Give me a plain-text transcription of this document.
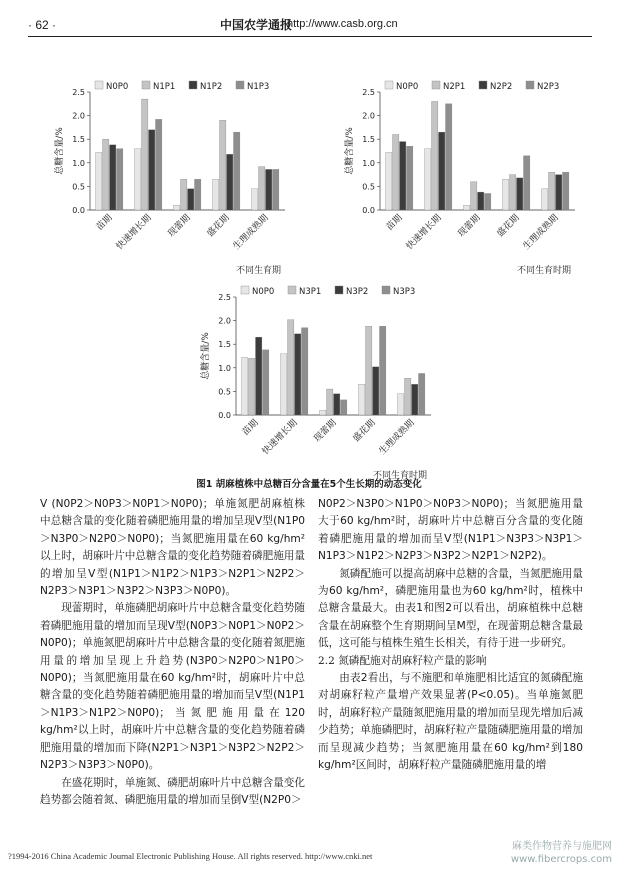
· 62 ·	中国农学通报
http://www.casb.org.cn
N0P0	N1P1	N1P2	N1P3
0.0
0.5
1.0
1.5
2.0
2.5
总糖含量/%
苗期 快速增长期 现蕾期 盛花期 生理成熟期
不同生育期
N0P0	N2P1	N2P2	N2P3
0.0
0.5
1.0
1.5
2.0
2.5
总糖含量/%
苗期 快速增长期 现蕾期 盛花期 生理成熟期
不同生育时期
N0P0	N3P1	N3P2	N3P3
0.0
0.5
1.0
1.5
2.0
2.5
总糖含量/%
苗期 快速增长期 现蕾期 盛花期 生理成熟期
不同生育时期
图1 胡麻植株中总糖百分含量在5个生长期的动态变化

V (N0P2＞N0P3＞N0P1＞N0P0)；单施氮肥胡麻植株中总糖含量的变化随着磷肥施用量的增加呈现V型(N1P0＞N3P0＞N2P0＞N0P0)；当氮肥施用量在60 kg/hm²以上时，胡麻叶片中总糖含量的变化趋势随着磷肥施用量的增加呈V型(N1P1＞N1P2＞N1P3＞N2P1＞N2P2＞N2P3＞N3P1＞N3P2＞N3P3＞N0P0)。

现蕾期时，单施磷肥胡麻叶片中总糖含量变化趋势随着磷肥施用量的增加而呈现V型(N0P3＞N0P1＞N0P2＞N0P0)；单施氮肥胡麻叶片中总糖含量的变化随着氮肥施用量的增加呈现上升趋势(N3P0＞N2P0＞N1P0＞N0P0)；当氮肥施用量在60 kg/hm²时，胡麻叶片中总糖含量的变化趋势随着磷肥施用量的增加而呈V型(N1P1＞N1P3＞N1P2＞N0P0)；当氮肥施用量在120 kg/hm²以上时，胡麻叶片中总糖含量的变化趋势随着磷肥施用量的增加而下降(N2P1＞N3P1＞N3P2＞N2P2＞N2P3＞N3P3＞N0P0)。

在盛花期时，单施氮、磷肥胡麻叶片中总糖含量变化趋势都会随着氮、磷肥施用量的增加而呈倒V型(N2P0＞

N0P2＞N3P0＞N1P0＞N0P3＞N0P0)；当氮肥施用量大于60 kg/hm²时，胡麻叶片中总糖百分含量的变化随着磷肥施用量的增加而呈V型(N1P1＞N3P3＞N3P1＞N1P3＞N1P2＞N2P3＞N3P2＞N2P1＞N2P2)。

氮磷配施可以提高胡麻中总糖的含量，当氮肥施用量为60 kg/hm²，磷肥施用量也为60 kg/hm²时，植株中总糖含量最大。由表1和图2可以看出，胡麻植株中总糖含量在胡麻整个生育期期间呈M型，在现蕾期总糖含量最低，这可能与植株生殖生长相关，有待于进一步研究。

2.2 氮磷配施对胡麻籽粒产量的影响

由表2看出，与不施肥和单施肥相比适宜的氮磷配施对胡麻籽粒产量增产效果显著(P<0.05)。当单施氮肥时，胡麻籽粒产量随氮肥施用量的增加而呈现先增加后减少趋势；单施磷肥时，胡麻籽粒产量随磷肥施用量的增加而呈现减少趋势；当氮肥施用量在60 kg/hm²到180 kg/hm²区间时，胡麻籽粒产量随磷肥施用量的增

?1994-2016 China Academic Journal Electronic Publishing House. All rights reserved. http://www.cnki.net
麻类作物营养与施肥网
www.fibercrops.com
